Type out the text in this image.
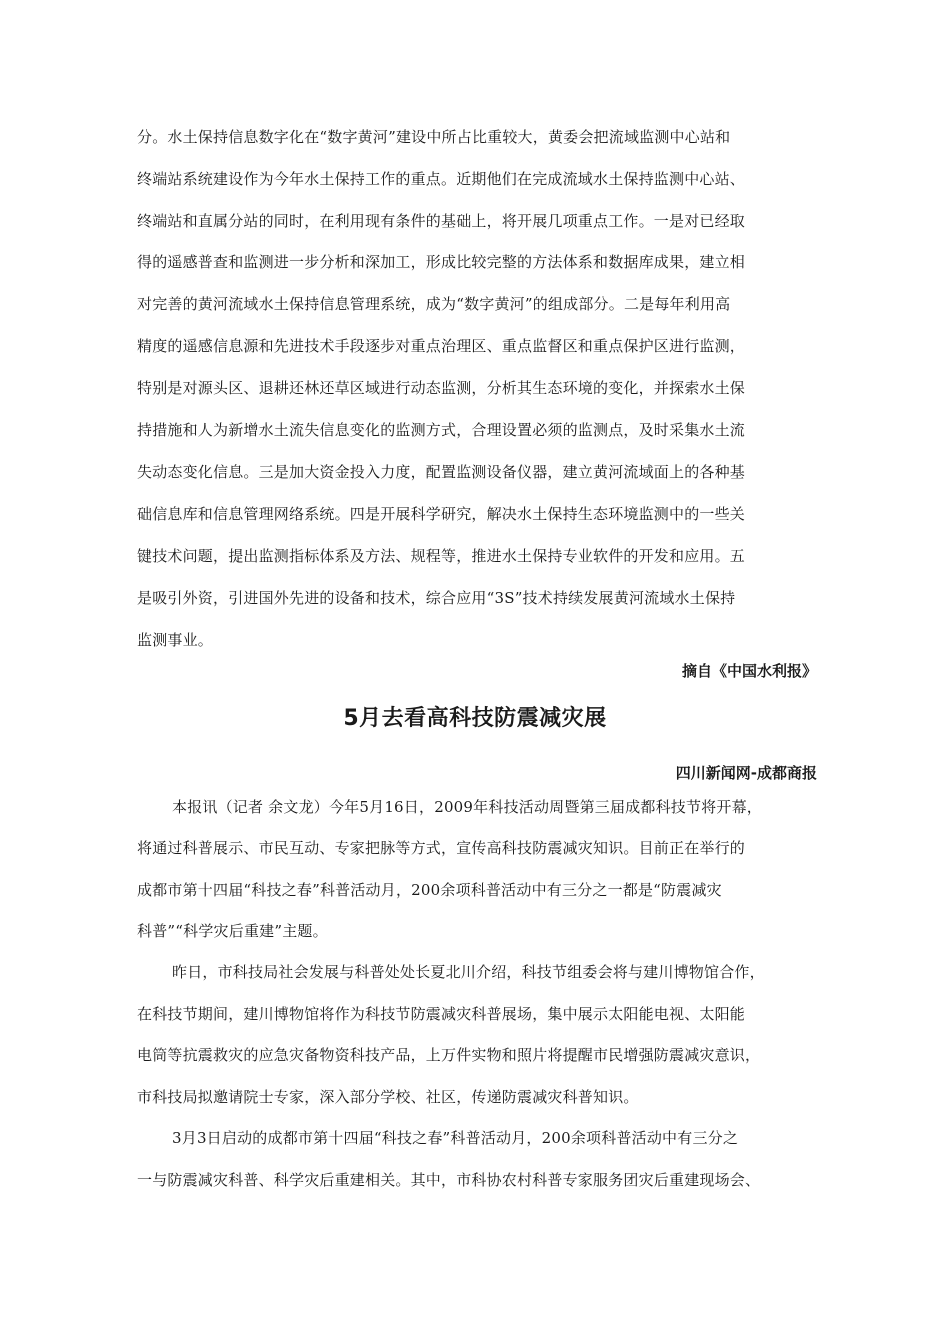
分。水土保持信息数字化在“数字黄河”建设中所占比重较大，黄委会把流域监测中心站和
终端站系统建设作为今年水土保持工作的重点。近期他们在完成流域水土保持监测中心站、
终端站和直属分站的同时，在利用现有条件的基础上，将开展几项重点工作。一是对已经取
得的遥感普查和监测进一步分析和深加工，形成比较完整的方法体系和数据库成果，建立相
对完善的黄河流域水土保持信息管理系统，成为“数字黄河”的组成部分。二是每年利用高
精度的遥感信息源和先进技术手段逐步对重点治理区、重点监督区和重点保护区进行监测，
特别是对源头区、退耕还林还草区域进行动态监测，分析其生态环境的变化，并探索水土保
持措施和人为新增水土流失信息变化的监测方式，合理设置必须的监测点，及时采集水土流
失动态变化信息。三是加大资金投入力度，配置监测设备仪器，建立黄河流域面上的各种基
础信息库和信息管理网络系统。四是开展科学研究，解决水土保持生态环境监测中的一些关
键技术问题，提出监测指标体系及方法、规程等，推进水土保持专业软件的开发和应用。五
是吸引外资，引进国外先进的设备和技术，综合应用“3S”技术持续发展黄河流域水土保持
监测事业。
摘自《中国水利报》
5月去看高科技防震减灾展
四川新闻网-成都商报
本报讯（记者 余文龙）今年5月16日，2009年科技活动周暨第三届成都科技节将开幕，
将通过科普展示、市民互动、专家把脉等方式，宣传高科技防震减灾知识。目前正在举行的
成都市第十四届“科技之春”科普活动月，200余项科普活动中有三分之一都是“防震减灾
科普”“科学灾后重建”主题。
昨日，市科技局社会发展与科普处处长夏北川介绍，科技节组委会将与建川博物馆合作，
在科技节期间，建川博物馆将作为科技节防震减灾科普展场，集中展示太阳能电视、太阳能
电筒等抗震救灾的应急灾备物资科技产品，上万件实物和照片将提醒市民增强防震减灾意识，
市科技局拟邀请院士专家，深入部分学校、社区，传递防震减灾科普知识。
3月3日启动的成都市第十四届“科技之春”科普活动月，200余项科普活动中有三分之
一与防震减灾科普、科学灾后重建相关。其中，市科协农村科普专家服务团灾后重建现场会、
